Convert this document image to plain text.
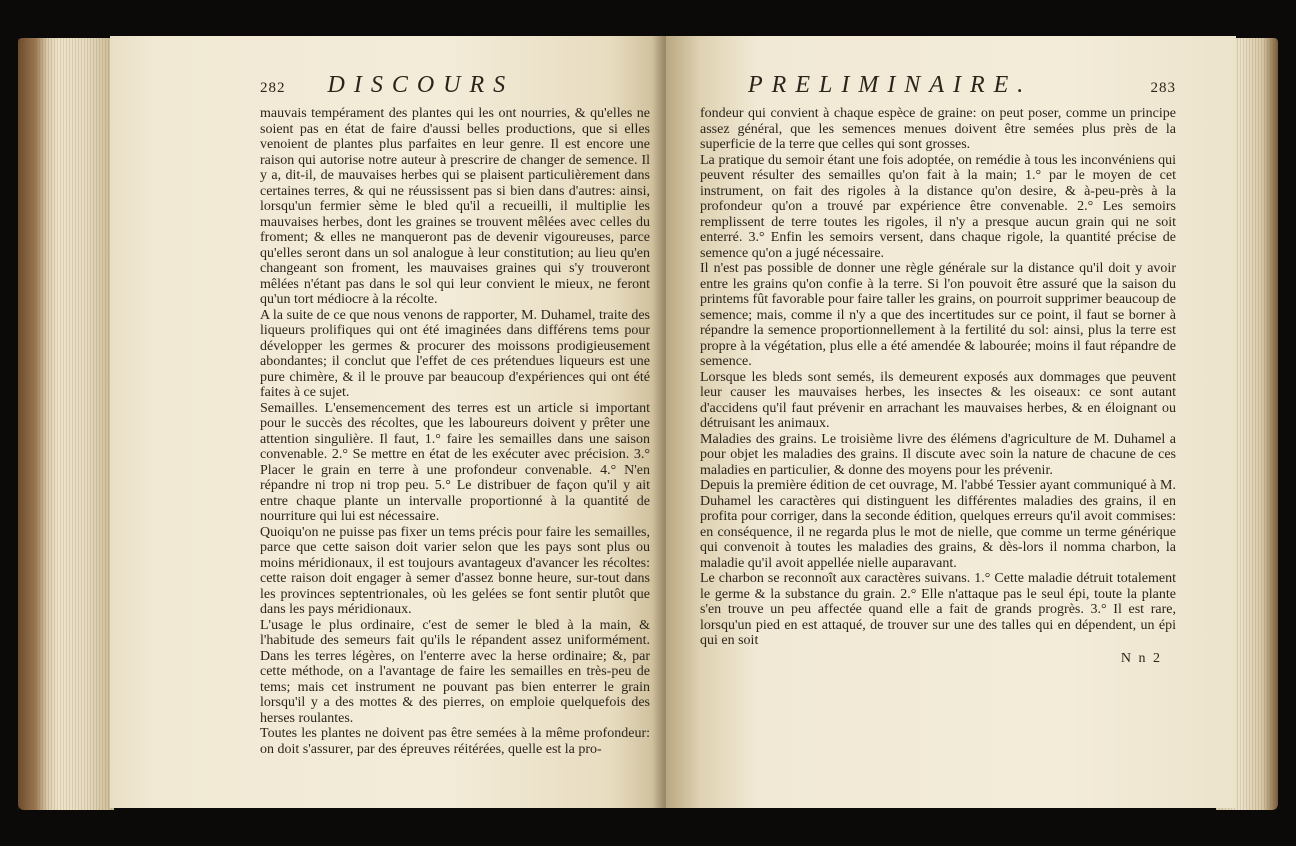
282 DISCOURS

mauvais tempérament des plantes qui les ont nourries, & qu'elles ne soient pas en état de faire d'aussi belles productions, que si elles venoient de plantes plus parfaites en leur genre. Il est encore une raison qui autorise notre auteur à prescrire de changer de semence. Il y a, dit-il, de mauvaises herbes qui se plaisent particulièrement dans certaines terres, & qui ne réussissent pas si bien dans d'autres: ainsi, lorsqu'un fermier sème le bled qu'il a recueilli, il multiplie les mauvaises herbes, dont les graines se trouvent mêlées avec celles du froment; & elles ne manqueront pas de devenir vigoureuses, parce qu'elles seront dans un sol analogue à leur constitution; au lieu qu'en changeant son froment, les mauvaises graines qui s'y trouveront mêlées n'étant pas dans le sol qui leur convient le mieux, ne feront qu'un tort médiocre à la récolte.

A la suite de ce que nous venons de rapporter, M. Duhamel, traite des liqueurs prolifiques qui ont été imaginées dans différens tems pour développer les germes & procurer des moissons prodigieusement abondantes; il conclut que l'effet de ces prétendues liqueurs est une pure chimère, & il le prouve par beaucoup d'expériences qui ont été faites à ce sujet.

Semailles. L'ensemencement des terres est un article si important pour le succès des récoltes, que les laboureurs doivent y prêter une attention singulière. Il faut, 1.° faire les semailles dans une saison convenable. 2.° Se mettre en état de les exécuter avec précision. 3.° Placer le grain en terre à une profondeur convenable. 4.° N'en répandre ni trop ni trop peu. 5.° Le distribuer de façon qu'il y ait entre chaque plante un intervalle proportionné à la quantité de nourriture qui lui est nécessaire.

Quoiqu'on ne puisse pas fixer un tems précis pour faire les semailles, parce que cette saison doit varier selon que les pays sont plus ou moins méridionaux, il est toujours avantageux d'avancer les récoltes: cette raison doit engager à semer d'assez bonne heure, sur-tout dans les provinces septentrionales, où les gelées se font sentir plutôt que dans les pays méridionaux.

L'usage le plus ordinaire, c'est de semer le bled à la main, & l'habitude des semeurs fait qu'ils le répandent assez uniformément. Dans les terres légères, on l'enterre avec la herse ordinaire; &, par cette méthode, on a l'avantage de faire les semailles en très-peu de tems; mais cet instrument ne pouvant pas bien enterrer le grain lorsqu'il y a des mottes & des pierres, on emploie quelquefois des herses roulantes.

Toutes les plantes ne doivent pas être semées à la même profondeur: on doit s'assurer, par des épreuves réitérées, quelle est la pro-

PRELIMINAIRE.	283

fondeur qui convient à chaque espèce de graine: on peut poser, comme un principe assez général, que les semences menues doivent être semées plus près de la superficie de la terre que celles qui sont grosses.

La pratique du semoir étant une fois adoptée, on remédie à tous les inconvéniens qui peuvent résulter des semailles qu'on fait à la main; 1.° par le moyen de cet instrument, on fait des rigoles à la distance qu'on desire, & à-peu-près à la profondeur qu'on a trouvé par expérience être convenable. 2.° Les semoirs remplissent de terre toutes les rigoles, il n'y a presque aucun grain qui ne soit enterré. 3.° Enfin les semoirs versent, dans chaque rigole, la quantité précise de semence qu'on a jugé nécessaire.

Il n'est pas possible de donner une règle générale sur la distance qu'il doit y avoir entre les grains qu'on confie à la terre. Si l'on pouvoit être assuré que la saison du printems fût favorable pour faire taller les grains, on pourroit supprimer beaucoup de semence; mais, comme il n'y a que des incertitudes sur ce point, il faut se borner à répandre la semence proportionnellement à la fertilité du sol: ainsi, plus la terre est propre à la végétation, plus elle a été amendée & labourée; moins il faut répandre de semence.

Lorsque les bleds sont semés, ils demeurent exposés aux dommages que peuvent leur causer les mauvaises herbes, les insectes & les oiseaux: ce sont autant d'accidens qu'il faut prévenir en arrachant les mauvaises herbes, & en éloignant ou détruisant les animaux.

Maladies des grains. Le troisième livre des élémens d'agriculture de M. Duhamel a pour objet les maladies des grains. Il discute avec soin la nature de chacune de ces maladies en particulier, & donne des moyens pour les prévenir.

Depuis la première édition de cet ouvrage, M. l'abbé Tessier ayant communiqué à M. Duhamel les caractères qui distinguent les différentes maladies des grains, il en profita pour corriger, dans la seconde édition, quelques erreurs qu'il avoit commises: en conséquence, il ne regarda plus le mot de nielle, que comme un terme générique qui convenoit à toutes les maladies des grains, & dès-lors il nomma charbon, la maladie qu'il avoit appellée nielle auparavant.

Le charbon se reconnoît aux caractères suivans. 1.° Cette maladie détruit totalement le germe & la substance du grain. 2.° Elle n'attaque pas le seul épi, toute la plante s'en trouve un peu affectée quand elle a fait de grands progrès. 3.° Il est rare, lorsqu'un pied en est attaqué, de trouver sur une des talles qui en dépendent, un épi qui en soit

N n 2
